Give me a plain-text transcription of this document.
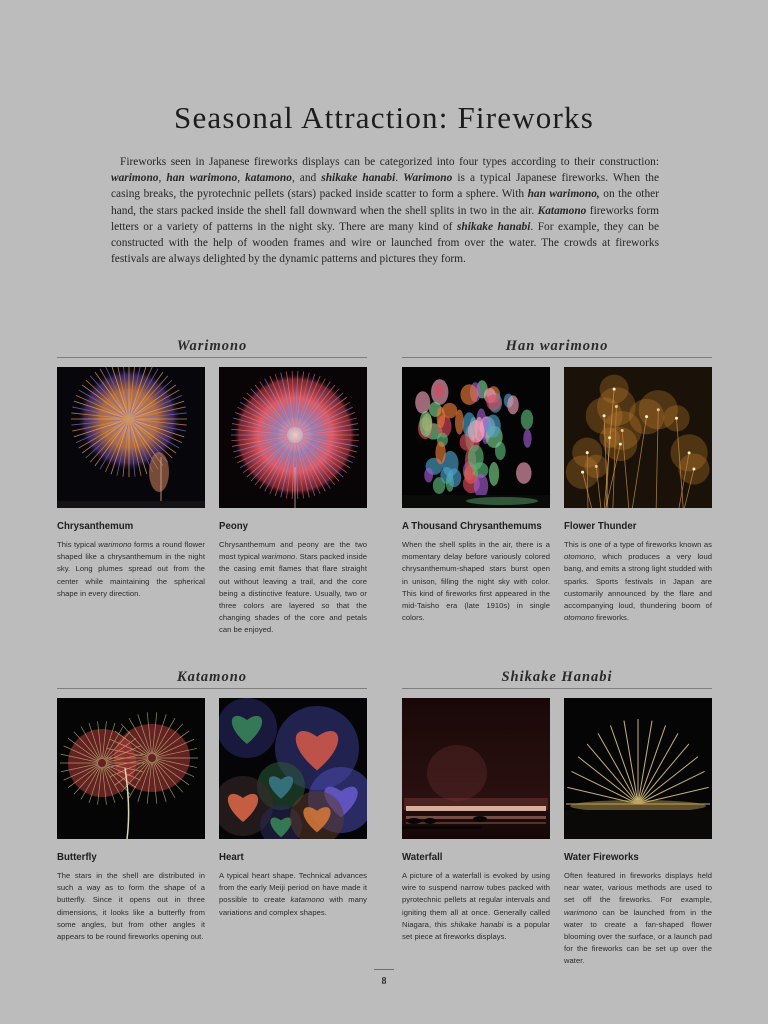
Seasonal Attraction: Fireworks

Fireworks seen in Japanese fireworks displays can be categorized into four types according to their construction: warimono, han warimono, katamono, and shikake hanabi. Warimono is a typical Japanese fireworks. When the casing breaks, the pyrotechnic pellets (stars) packed inside scatter to form a sphere. With han warimono, on the other hand, the stars packed inside the shell fall downward when the shell splits in two in the air. Katamono fireworks form letters or a variety of patterns in the night sky. There are many kind of shikake hanabi. For example, they can be constructed with the help of wooden frames and wire or launched from over the water. The crowds at fireworks festivals are always delighted by the dynamic patterns and pictures they form.

Warimono
Chrysanthemum

This typical warimono forms a round flower shaped like a chrysanthemum in the night sky. Long plumes spread out from the center while maintaining the spherical shape in every direction.

Peony

Chrysanthemum and peony are the two most typical warimono. Stars packed inside the casing emit flames that flare straight out without leaving a trail, and the core being a distinctive feature. Usually, two or three colors are layered so that the changing shades of the core and petals can be enjoyed.

Han warimono
A Thousand Chrysanthemums

When the shell splits in the air, there is a momentary delay before variously colored chrysanthemum-shaped stars burst open in unison, filling the night sky with color. This kind of fireworks first appeared in the mid-Taisho era (late 1910s) in single colors.

Flower Thunder

This is one of a type of fireworks known as otomono, which produces a very loud bang, and emits a strong light studded with sparks. Sports festivals in Japan are customarily announced by the flare and accompanying loud, thundering boom of otomono fireworks.

Katamono
Butterfly

The stars in the shell are distributed in such a way as to form the shape of a butterfly. Since it opens out in three dimensions, it looks like a butterfly from some angles, but from other angles it appears to be round fireworks opening out.

Heart

A typical heart shape. Technical advances from the early Meiji period on have made it possible to create katamono with many variations and complex shapes.

Shikake Hanabi
Waterfall

A picture of a waterfall is evoked by using wire to suspend narrow tubes packed with pyrotechnic pellets at regular intervals and igniting them all at once. Generally called Niagara, this shikake hanabi is a popular set piece at fireworks displays.

Water Fireworks

Often featured in fireworks displays held near water, various methods are used to set off the fireworks. For example, warimono can be launched from in the water to create a fan-shaped flower blooming over the surface, or a launch pad for the fireworks can be set up over the water.

8
